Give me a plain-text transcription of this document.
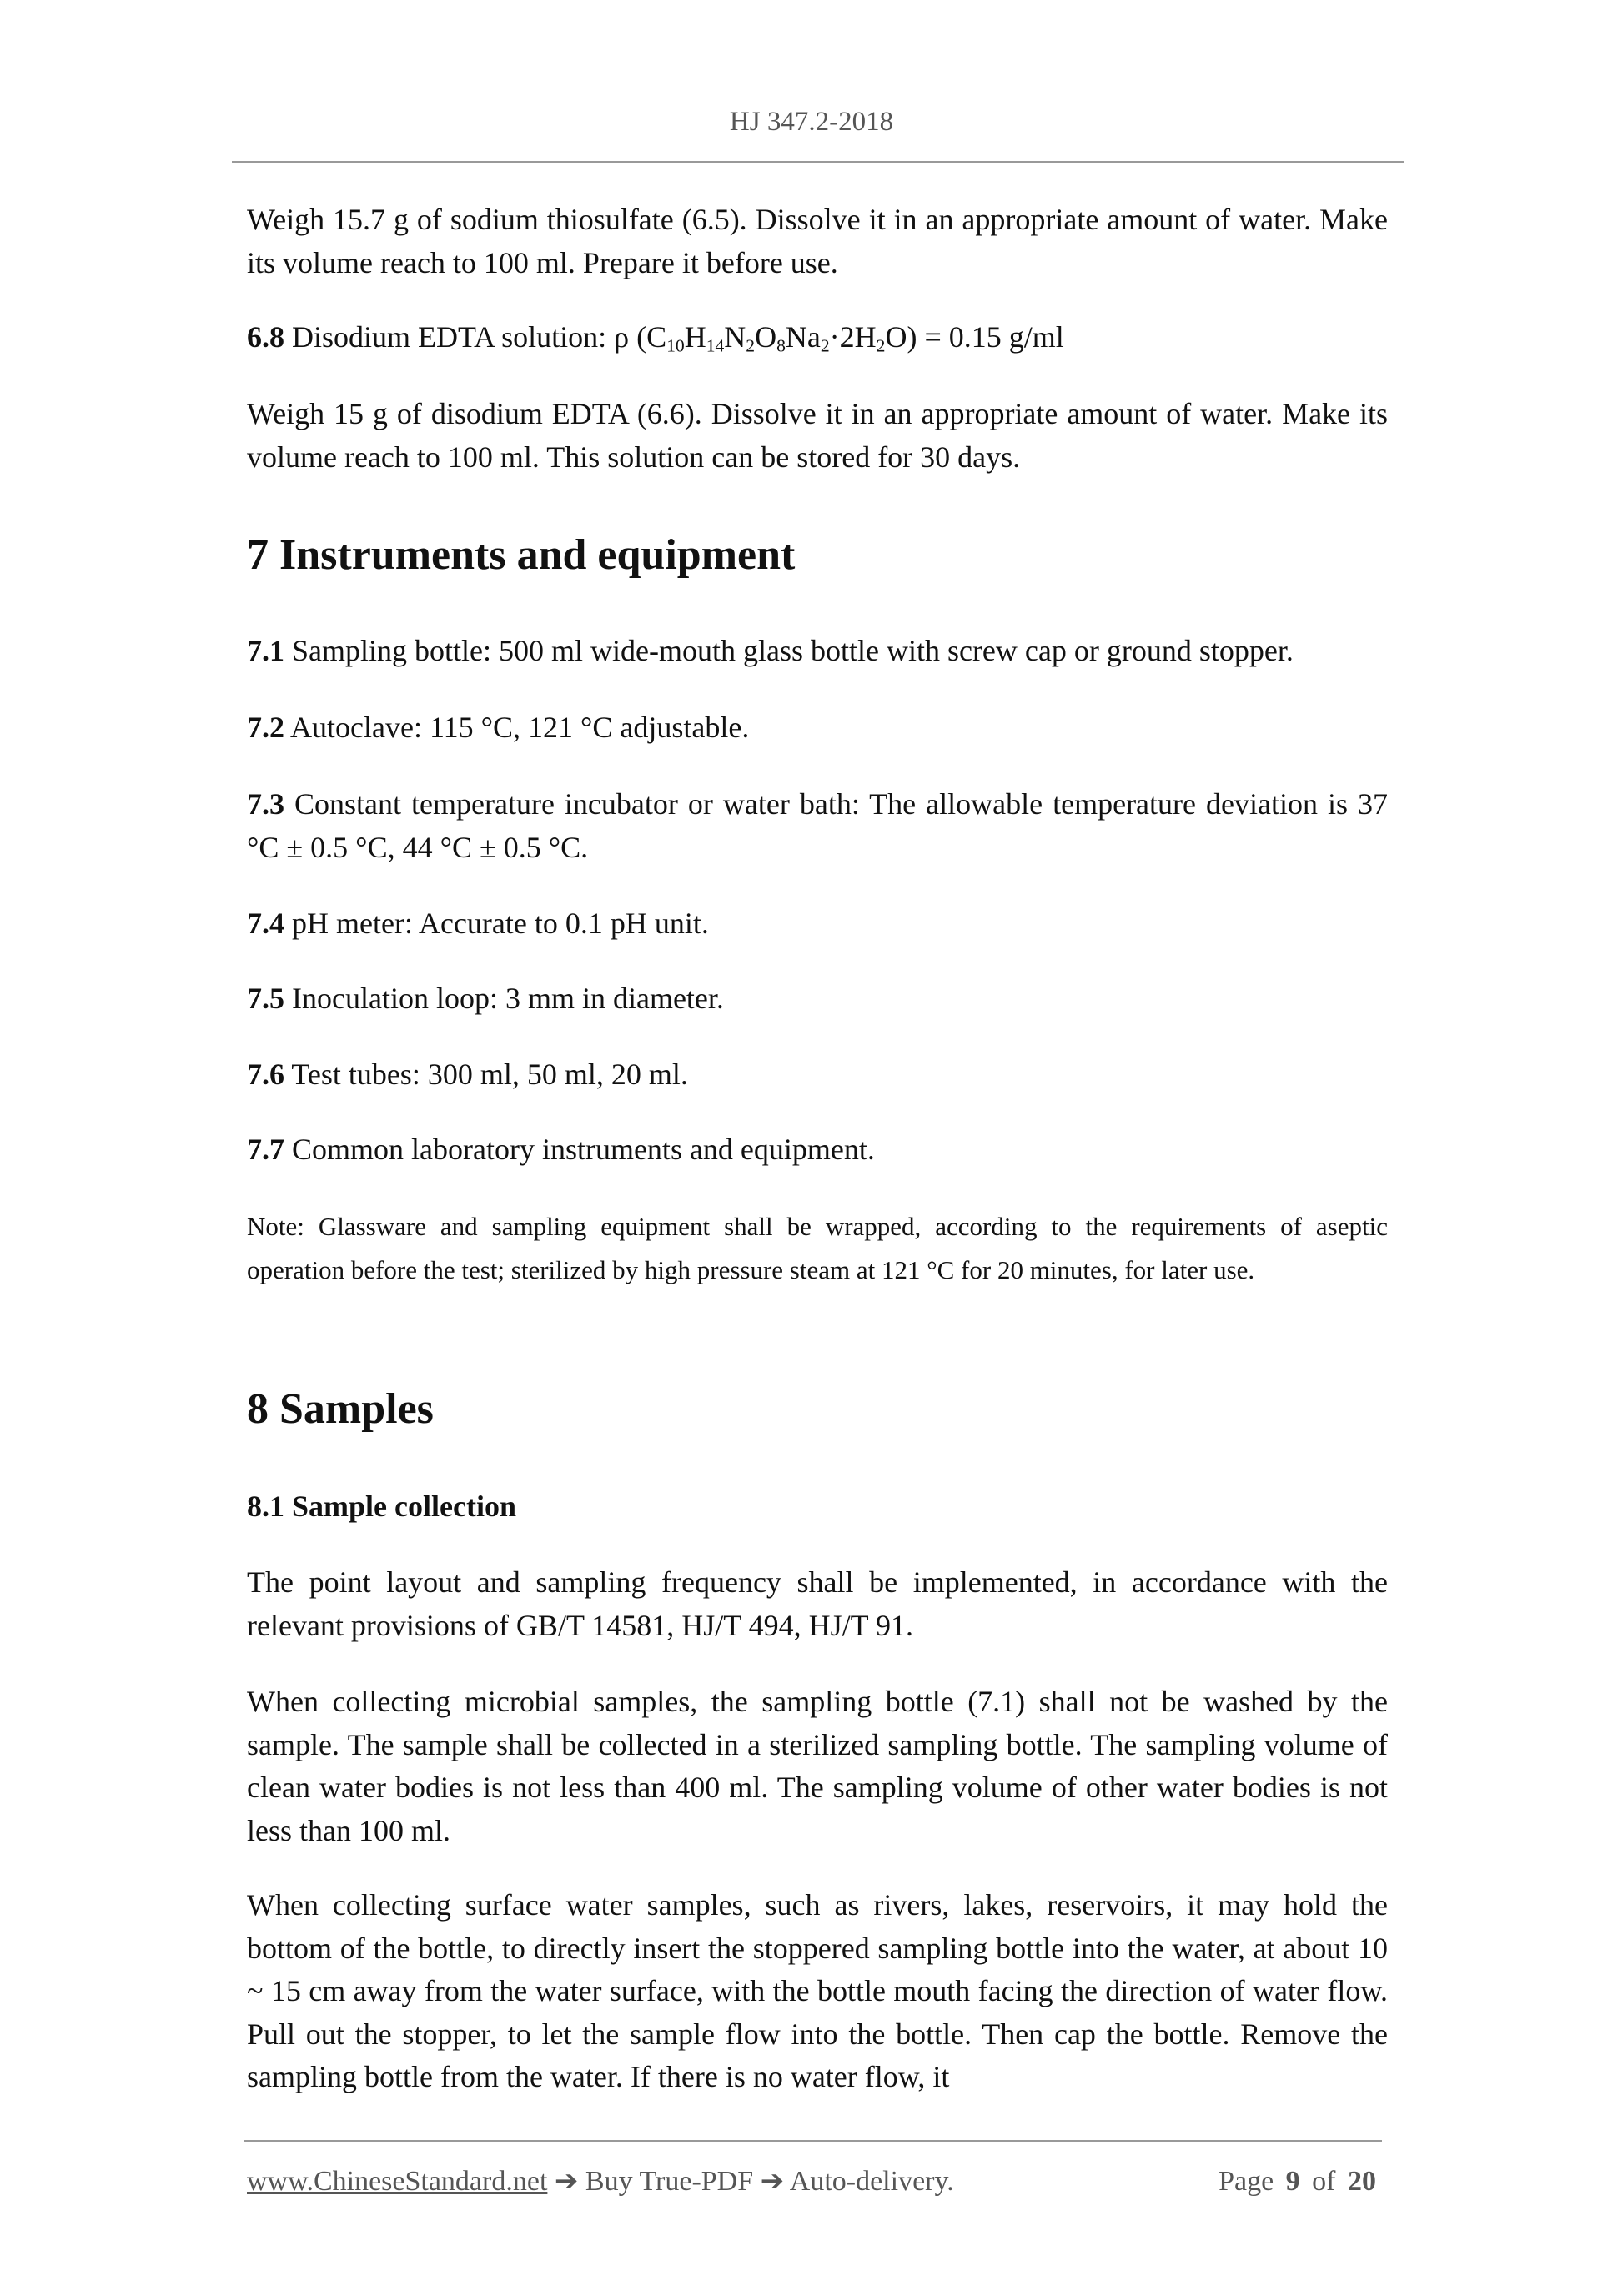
HJ 347.2-2018

Weigh 15.7 g of sodium thiosulfate (6.5). Dissolve it in an appropriate amount of water. Make its volume reach to 100 ml. Prepare it before use.

6.8 Disodium EDTA solution: ρ $(C_{10}H_{14}N_2O_8Na_2\cdot 2H_2O) = 0.15$ g/ml

Weigh 15 g of disodium EDTA (6.6). Dissolve it in an appropriate amount of water. Make its volume reach to 100 ml. This solution can be stored for 30 days.

7 Instruments and equipment

7.1 Sampling bottle: 500 ml wide-mouth glass bottle with screw cap or ground stopper.

7.2 Autoclave: 115 °C, 121 °C adjustable.

7.3 Constant temperature incubator or water bath: The allowable temperature deviation is 37 °C ± 0.5 °C, 44 °C ± 0.5 °C.

7.4 pH meter: Accurate to 0.1 pH unit.

7.5 Inoculation loop: 3 mm in diameter.

7.6 Test tubes: 300 ml, 50 ml, 20 ml.

7.7 Common laboratory instruments and equipment.

Note: Glassware and sampling equipment shall be wrapped, according to the requirements of aseptic operation before the test; sterilized by high pressure steam at 121 °C for 20 minutes, for later use.

8 Samples
8.1 Sample collection

The point layout and sampling frequency shall be implemented, in accordance with the relevant provisions of GB/T 14581, HJ/T 494, HJ/T 91.

When collecting microbial samples, the sampling bottle (7.1) shall not be washed by the sample. The sample shall be collected in a sterilized sampling bottle. The sampling volume of clean water bodies is not less than 400 ml. The sampling volume of other water bodies is not less than 100 ml.

When collecting surface water samples, such as rivers, lakes, reservoirs, it may hold the bottom of the bottle, to directly insert the stoppered sampling bottle into the water, at about 10 ~ 15 cm away from the water surface, with the bottle mouth facing the direction of water flow. Pull out the stopper, to let the sample flow into the bottle. Then cap the bottle. Remove the sampling bottle from the water. If there is no water flow, it

www.ChineseStandard.net ➔ Buy True-PDF ➔ Auto-delivery.	Page 9 of 20
